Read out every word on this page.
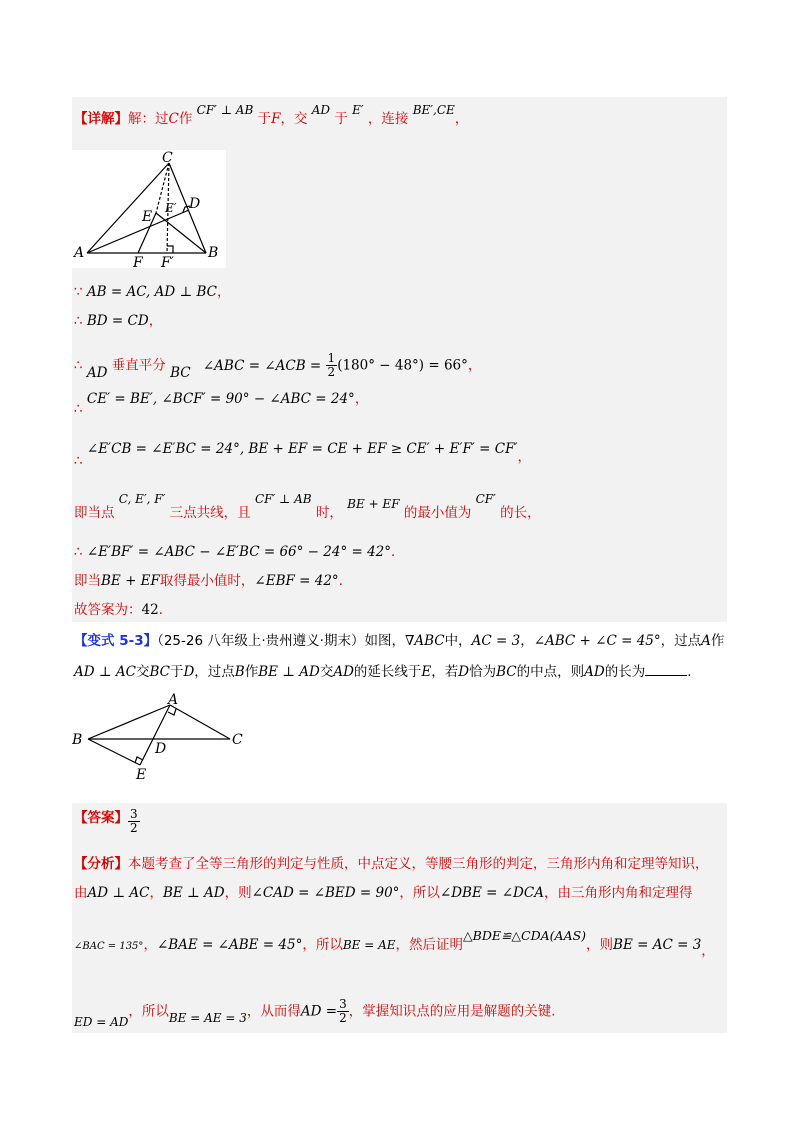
【详解】解：过C作 CF′ ⊥ AB 于F，交 AD 于 E′ ，连接 BE′,CE，
C
D
E
E′
A	B
F F′
∵ AB = AC, AD ⊥ BC，
∴ BD = CD，
∴ AD 垂直平分 BC ∠ABC = ∠ACB = $\frac{1}{2} (180^\circ - 48^\circ) = 66^\circ$，
∴ CE′ = BE′, ∠BCF′ = 90° − ∠ABC = 24°，
∴ ∠E′CB = ∠E′BC = 24°, BE + EF = CE + EF ≥ CE′ + E′F′ = CF′，
即当点 C, E′, F′ 三点共线，且 CF′ ⊥ AB 时， BE + EF 的最小值为 CF′ 的长，
∴ ∠E′BF′ = ∠ABC − ∠E′BC = 66° − 24° = 42°．
即当BE + EF取得最小值时，∠EBF = 42°．
故答案为：42．
【变式 5-3】（25-26 八年级上·贵州遵义·期末）如图，∇ABC中，AC = 3，∠ABC + ∠C = 45°，过点A作
AD ⊥ AC交BC于D，过点B作BE ⊥ AD交AD的延长线于E，若D恰为BC的中点，则AD的长为	.
A
B	C
D
E
【答案】 $\frac{3}{2}$
【分析】本题考查了全等三角形的判定与性质，中点定义，等腰三角形的判定，三角形内角和定理等知识，
由AD ⊥ AC，BE ⊥ AD，则∠CAD = ∠BED = 90°，所以∠DBE = ∠DCA，由三角形内角和定理得
∠BAC = 135°，∠BAE = ∠ABE = 45°，所以BE = AE，然后证明△BDE≌△CDA(AAS)，则BE = AC = 3，
ED = AD，所以BE = AE = 3，从而得AD = $\frac{3}{2}$ ，掌握知识点的应用是解题的关键.
